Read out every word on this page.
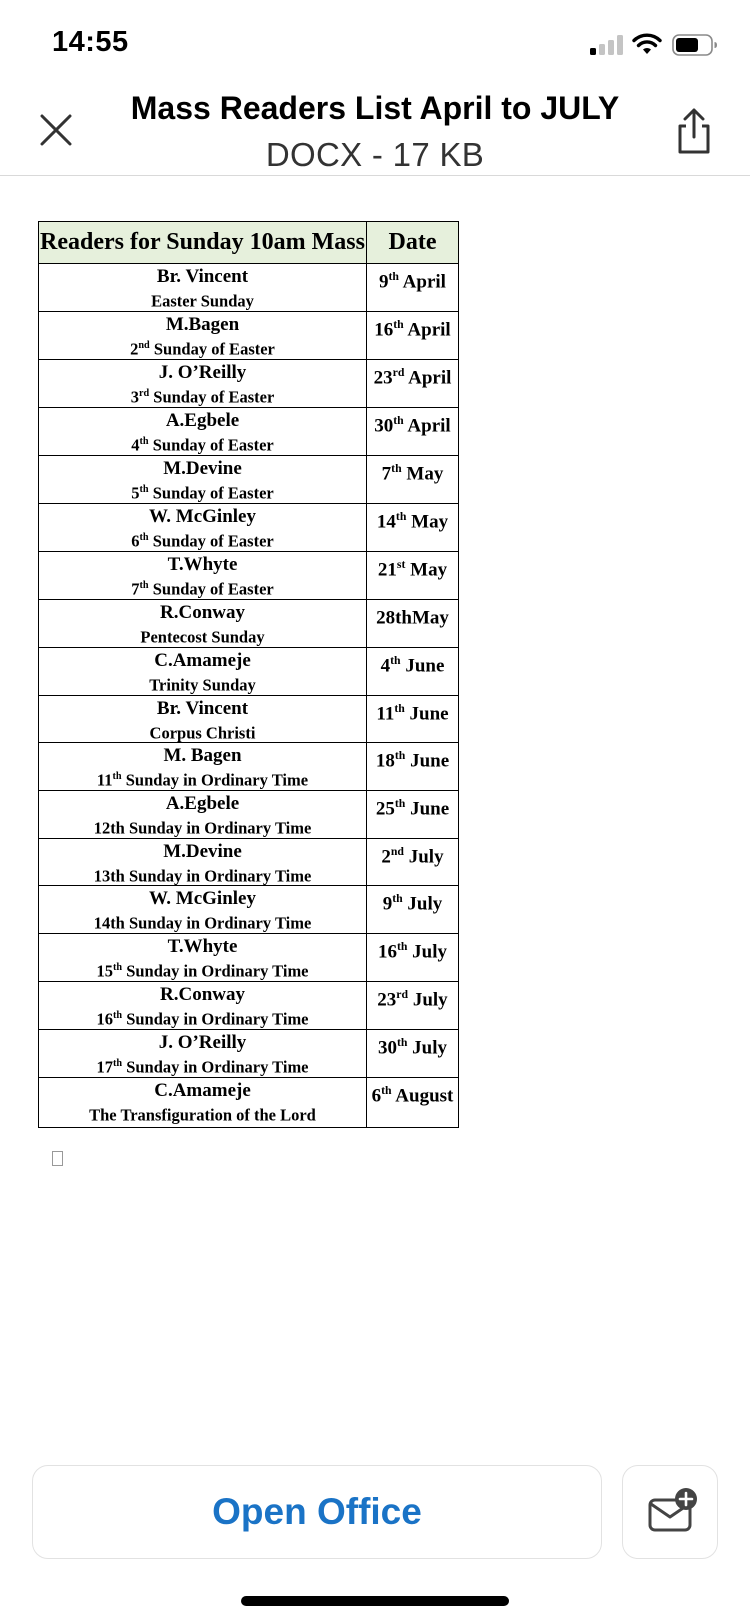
14:55
Mass Readers List April to JULY
DOCX - 17 KB
Readers for Sunday 10am Mass	Date

Br. Vincent
Easter Sunday	9th April

M.Bagen
2nd Sunday of Easter	16th April

J. O’Reilly
3rd Sunday of Easter	23rd April

A.Egbele
4th Sunday of Easter	30th April

M.Devine
5th Sunday of Easter	7th May

W. McGinley
6th Sunday of Easter	14th May

T.Whyte
7th Sunday of Easter	21st May

R.Conway
Pentecost Sunday	28thMay

C.Amameje
Trinity Sunday	4th June

Br. Vincent
Corpus Christi	11th June

M. Bagen
11th Sunday in Ordinary Time	18th June

A.Egbele
12th Sunday in Ordinary Time	25th June

M.Devine
13th Sunday in Ordinary Time	2nd July

W. McGinley
14th Sunday in Ordinary Time	9th July

T.Whyte
15th Sunday in Ordinary Time	16th July

R.Conway
16th Sunday in Ordinary Time	23rd July

J. O’Reilly
17th Sunday in Ordinary Time	30th July

C.Amameje
The Transfiguration of the Lord	6th August
Open Office
